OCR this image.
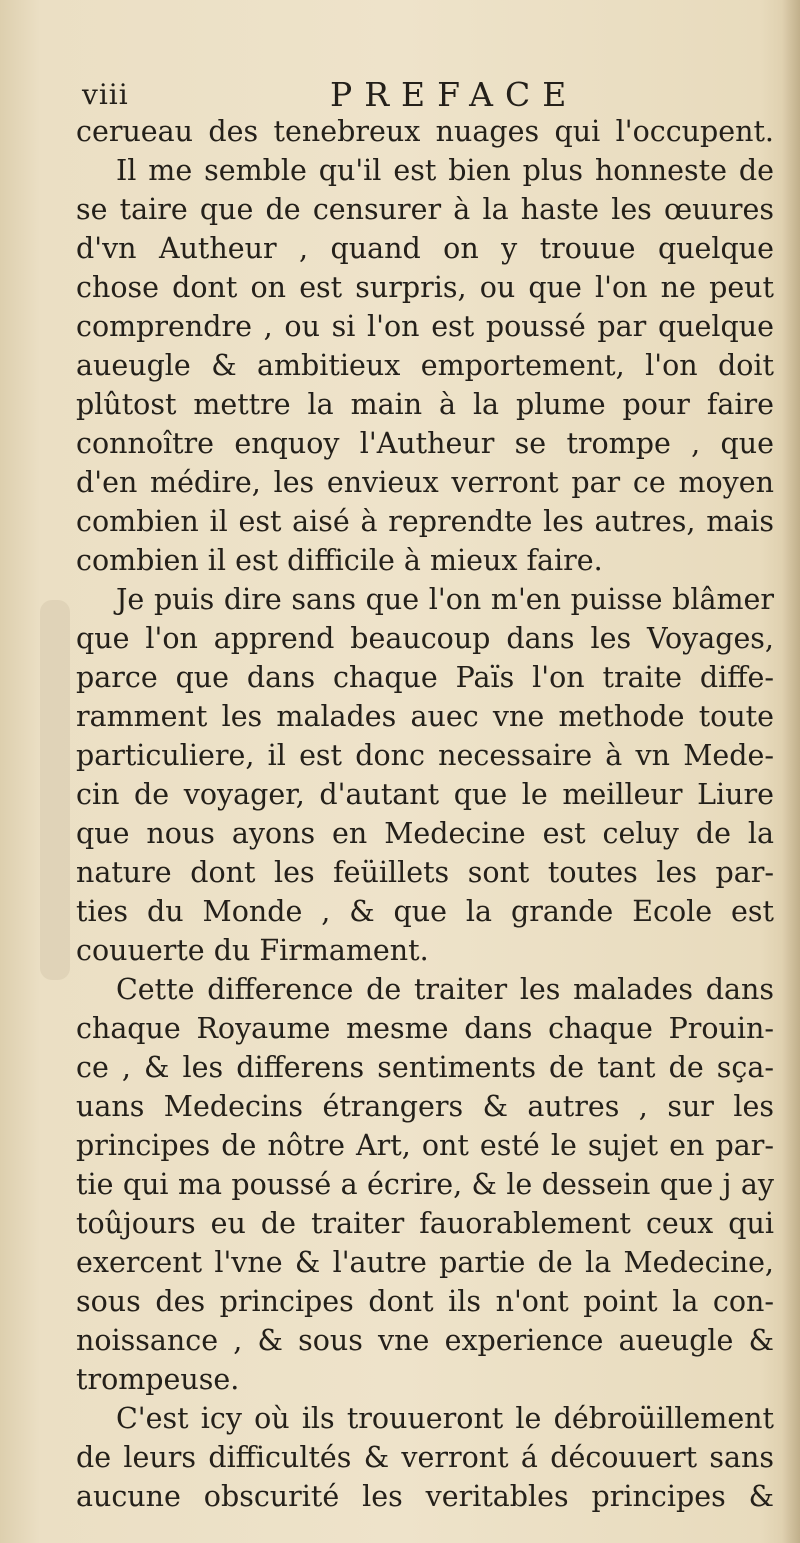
viii	PREFACE
cerueau des tenebreux nuages qui l'occupent.
Il me semble qu'il est bien plus honneste de
se taire que de censurer à la haste les œuures
d'vn Autheur , quand on y trouue quelque
chose dont on est surpris, ou que l'on ne peut
comprendre , ou si l'on est poussé par quelque
aueugle & ambitieux emportement, l'on doit
plûtost mettre la main à la plume pour faire
connoître enquoy l'Autheur se trompe , que
d'en médire, les envieux verront par ce moyen
combien il est aisé à reprendte les autres, mais
combien il est difficile à mieux faire.
Je puis dire sans que l'on m'en puisse blâmer
que l'on apprend beaucoup dans les Voyages,
parce que dans chaque Païs l'on traite diffe-
ramment les malades auec vne methode toute
particuliere, il est donc necessaire à vn Mede-
cin de voyager, d'autant que le meilleur Liure
que nous ayons en Medecine est celuy de la
nature dont les feüillets sont toutes les par-
ties du Monde , & que la grande Ecole est
couuerte du Firmament.
Cette difference de traiter les malades dans
chaque Royaume mesme dans chaque Prouin-
ce , & les differens sentiments de tant de sça-
uans Medecins étrangers & autres , sur les
principes de nôtre Art, ont esté le sujet en par-
tie qui ma poussé a écrire, & le dessein que j ay
toûjours eu de traiter fauorablement ceux qui
exercent l'vne & l'autre partie de la Medecine,
sous des principes dont ils n'ont point la con-
noissance , & sous vne experience aueugle &
trompeuse.
C'est icy où ils trouueront le débroüillement
de leurs difficultés & verront á découuert sans
aucune obscurité les veritables principes &
